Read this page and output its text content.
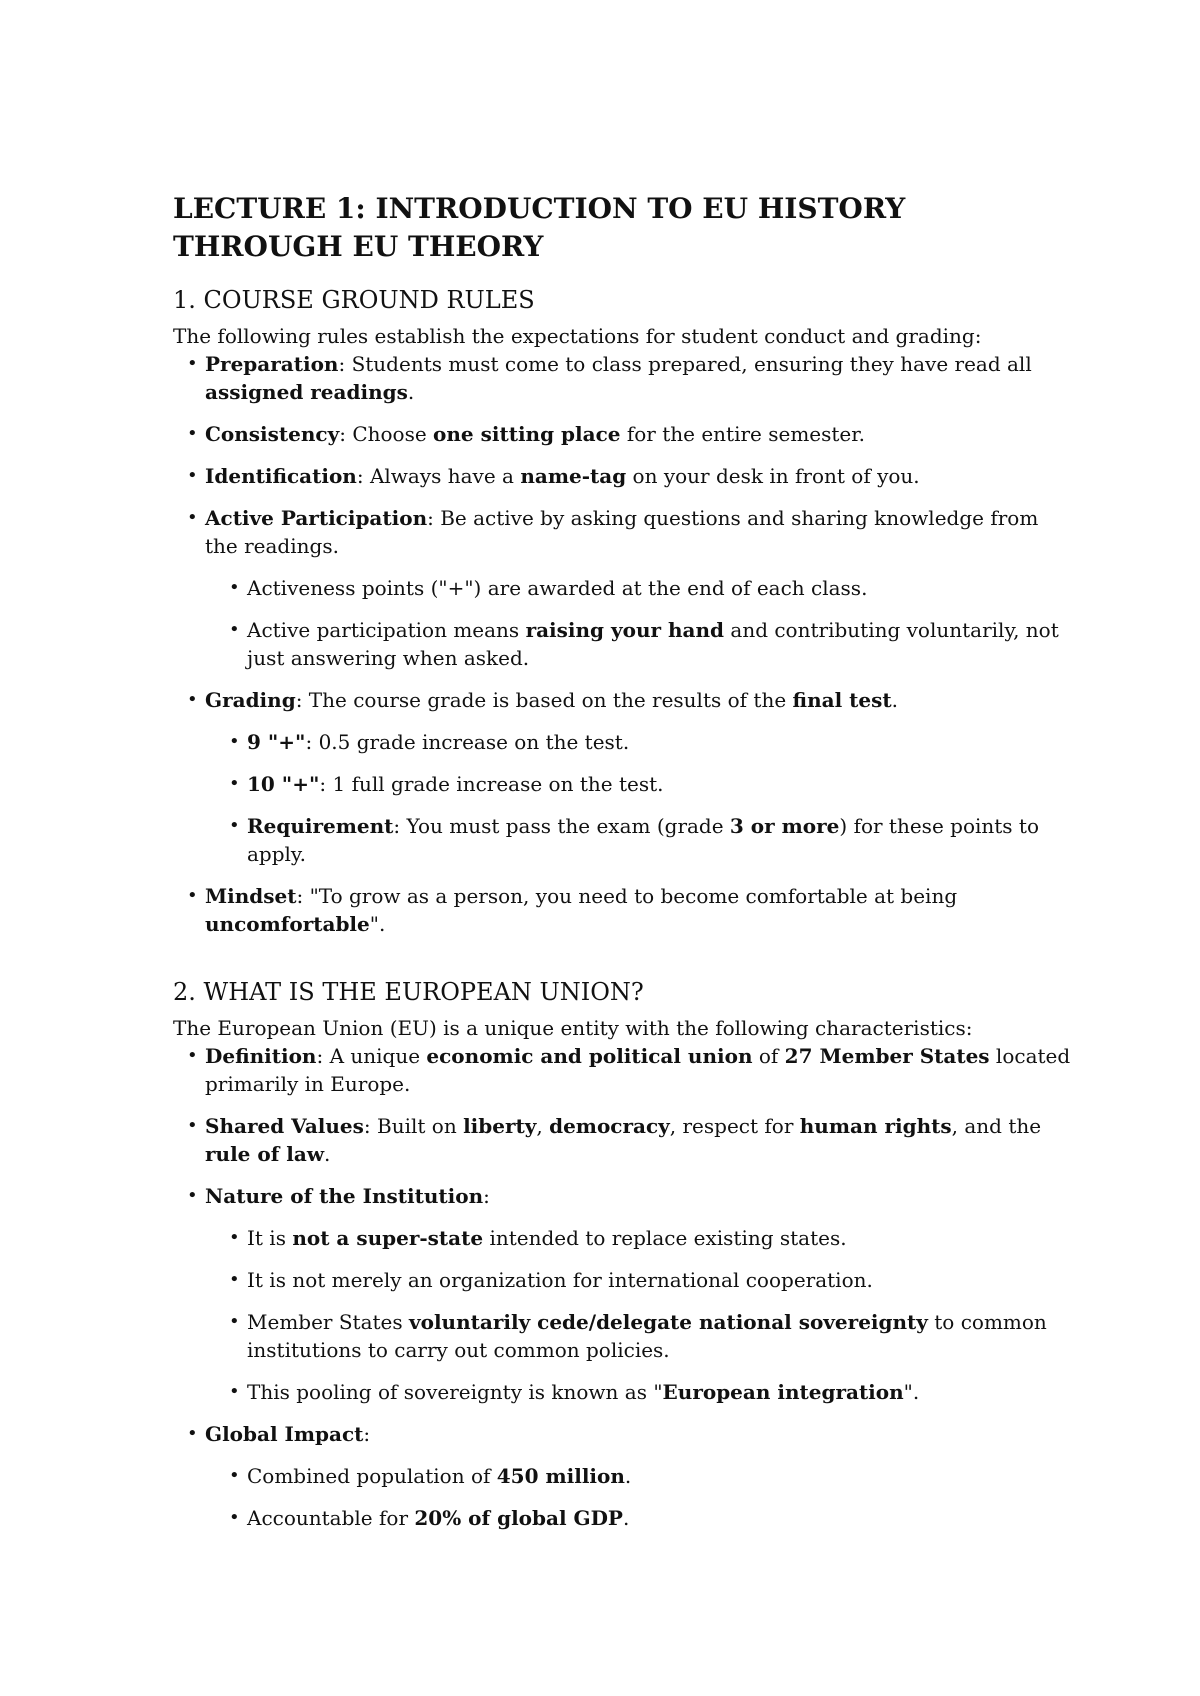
LECTURE 1: INTRODUCTION TO EU HISTORY THROUGH EU THEORY
1. COURSE GROUND RULES

The following rules establish the expectations for student conduct and grading:

• Preparation: Students must come to class prepared, ensuring they have read all assigned readings.
• Consistency: Choose one sitting place for the entire semester.
• Identification: Always have a name-tag on your desk in front of you.
• Active Participation: Be active by asking questions and sharing knowledge from the readings.
• Activeness points ("+") are awarded at the end of each class.
• Active participation means raising your hand and contributing voluntarily, not just answering when asked.
• Grading: The course grade is based on the results of the final test.
• 9 "+": 0.5 grade increase on the test.
• 10 "+": 1 full grade increase on the test.
• Requirement: You must pass the exam (grade 3 or more) for these points to apply.
• Mindset: "To grow as a person, you need to become comfortable at being uncomfortable".
2. WHAT IS THE EUROPEAN UNION?

The European Union (EU) is a unique entity with the following characteristics:

• Definition: A unique economic and political union of 27 Member States located primarily in Europe.
• Shared Values: Built on liberty, democracy, respect for human rights, and the rule of law.
• Nature of the Institution:
• It is not a super-state intended to replace existing states.
• It is not merely an organization for international cooperation.
• Member States voluntarily cede/delegate national sovereignty to common institutions to carry out common policies.
• This pooling of sovereignty is known as "European integration".
• Global Impact:
• Combined population of 450 million.
• Accountable for 20% of global GDP.
